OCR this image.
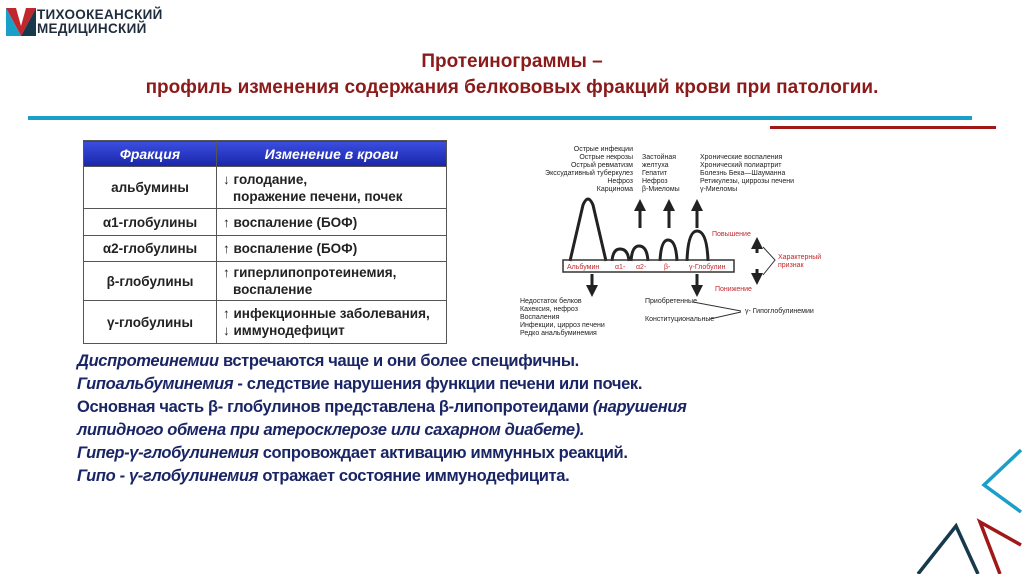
ТИХООКЕАНСКИЙ
МЕДИЦИНСКИЙ
Протеинограммы –
профиль изменения содержания белкововых фракций крови при патологии.
Фракция	Изменение в крови
альбумины	↓ голодание,
поражение печени, почек

α1-глобулины	↑ воспаление (БОФ)

α2-глобулины	↑ воспаление (БОФ)

β-глобулины	↑ гиперлипопротеинемия,
воспаление

γ-глобулины	↑ инфекционные заболевания,
↓ иммунодефицит
Острые инфекции
Острые некрозы
Острый ревматизм
Экссудативный туберкулез
Нефроз
Карцинома
Застойная
желтуха
Гепатит
Нефроз
β-Миеломы
Хронические воспаления
Хронический полиартрит
Болезнь Бека—Шауманна
Ретикулезы, циррозы печени
γ-Миеломы
Альбумин α1- α2-	β-	γ-Глобулин
Повышение
Понижение
Характерный
признак
Недостаток белков
Кахексия, нефроз
Воспаления
Инфекции, цирроз печени
Редко анальбуминемия
Приобретенные
Конституциональные
γ- Гипоглобулинемии
Диспротеинемии встречаются чаще и они более специфичны.
Гипоальбуминемия - следствие нарушения функции печени или почек.
Основная часть β- глобулинов представлена β-липопротеидами (нарушения
липидного обмена при атеросклерозе или сахарном диабете).
Гипер-γ-глобулинемия сопровождает активацию иммунных реакций.
Гипо - γ-глобулинемия отражает состояние иммунодефицита.
